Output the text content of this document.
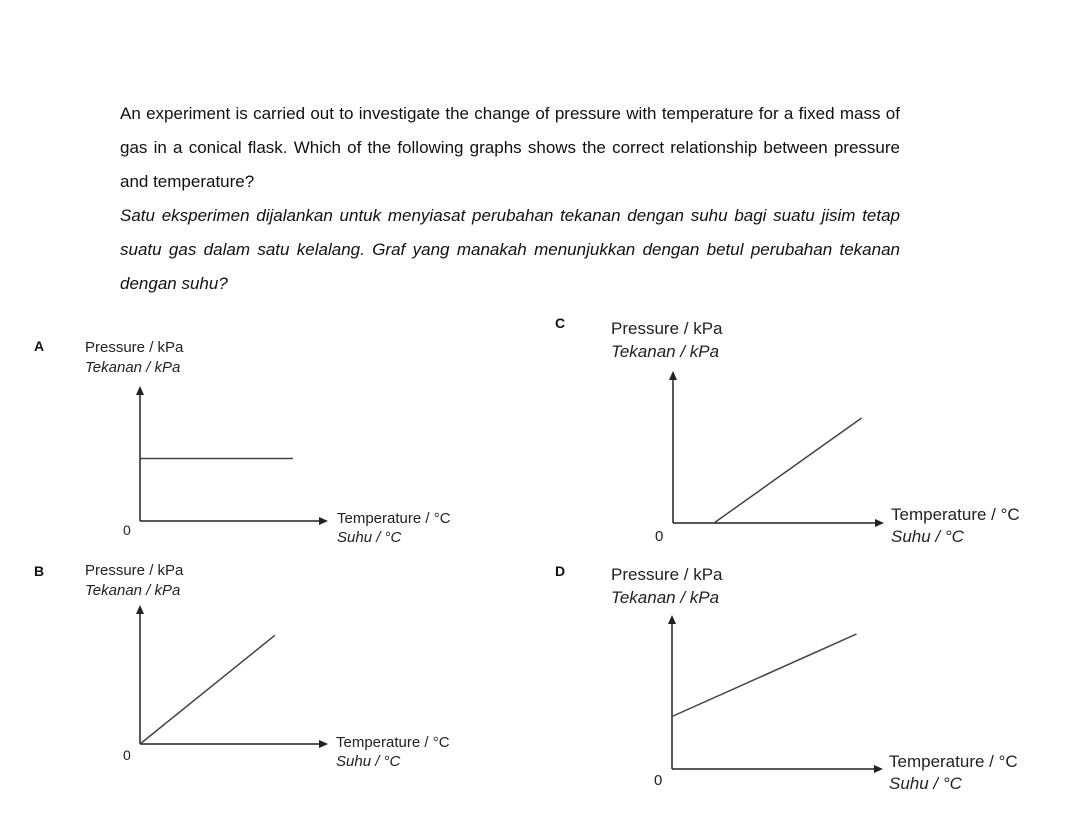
An experiment is carried out to investigate the change of pressure with temperature for a fixed mass of gas in a conical flask. Which of the following graphs shows the correct relationship between pressure and temperature?

Satu eksperimen dijalankan untuk menyiasat perubahan tekanan dengan suhu bagi suatu jisim tetap suatu gas dalam satu kelalang. Graf yang manakah menunjukkan dengan betul perubahan tekanan dengan suhu?

A	Pressure / kPa
Tekanan / kPa
0
Temperature / °C
Suhu / °C
B	Pressure / kPa
Tekanan / kPa
0
Temperature / °C
Suhu / °C
C	Pressure / kPa
Tekanan / kPa
0
Temperature / °C
Suhu / °C
D	Pressure / kPa
Tekanan / kPa
0
Temperature / °C
Suhu / °C
